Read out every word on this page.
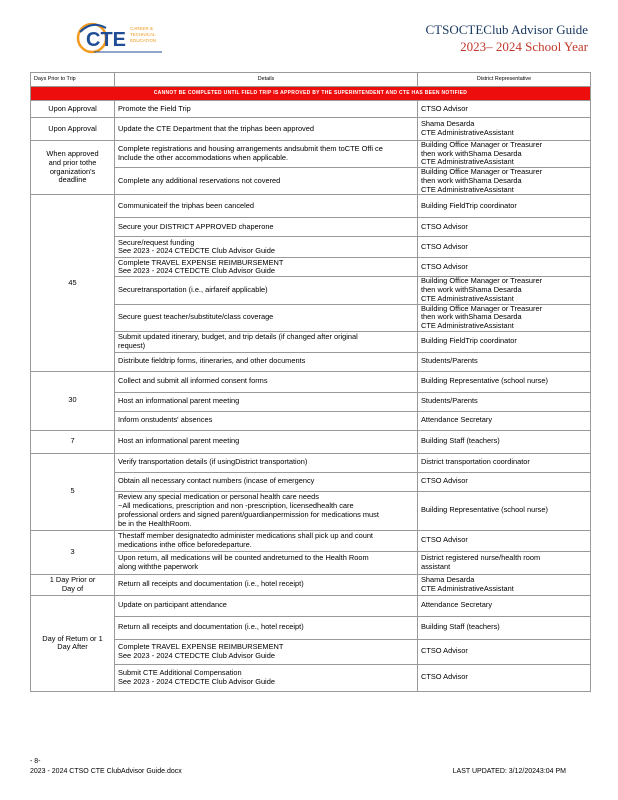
CTE
CAREER &
TECHNICAL
EDUCATION
CTSOCTEClub Advisor Guide
2023– 2024 School Year
Days Prior to Trip	Details	District Representative
CANNOT BE COMPLETED UNTIL FIELD TRIP IS APPROVED BY THE SUPERINTENDENT AND CTE HAS BEEN NOTIFIED		
Upon Approval	Promote the Field Trip	CTSO Advisor
Upon Approval	Update the CTE Department that the triphas been approved	Shama Desarda
CTE AdministrativeAssistant
When approved
and prior tothe
organization's
deadline	Complete registrations and housing arrangements andsubmit them toCTE Offi ce
Include the other accommodations when applicable.	Building Office Manager or Treasurer
then work withShama Desarda
CTE AdministrativeAssistant
	Complete any additional reservations not covered	Building Office Manager or Treasurer
then work withShama Desarda
CTE AdministrativeAssistant
45	Communicateif the triphas been canceled	Building FieldTrip coordinator
	Secure your DISTRICT APPROVED chaperone	CTSO Advisor
	Secure/request funding
See 2023 - 2024 CTEDCTE Club Advisor Guide	CTSO Advisor
	Complete TRAVEL EXPENSE REIMBURSEMENT
See 2023 - 2024 CTEDCTE Club Advisor Guide	CTSO Advisor
	Securetransportation (i.e., airfareif applicable)	Building Office Manager or Treasurer
then work withShama Desarda
CTE AdministrativeAssistant
	Secure guest teacher/substitute/class coverage	Building Office Manager or Treasurer
then work withShama Desarda
CTE AdministrativeAssistant
	Submit updated itinerary, budget, and trip details (if changed after original
request)	Building FieldTrip coordinator
	Distribute fieldtrip forms, itineraries, and other documents	Students/Parents
30	Collect and submit all informed consent forms	Building Representative (school nurse)
	Host an informational parent meeting	Students/Parents
	Inform onstudents' absences	Attendance Secretary
7	Host an informational parent meeting	Building Staff (teachers)
5	Verify transportation details (if usingDistrict transportation)	District transportation coordinator
	Obtain all necessary contact numbers (incase of emergency	CTSO Advisor
	Review any special medication or personal health care needs
~All medications, prescription and non -prescription, licensedhealth care
professional orders and signed parent/guardianpermission for medications must
be in the HealthRoom.	Building Representative (school nurse)
3	Thestaff member designatedto administer medications shall pick up and count
medications inthe office beforedeparture.	CTSO Advisor
	Upon return, all medications will be counted andreturned to the Health Room
along withthe paperwork	District registered nurse/health room
assistant
1 Day Prior or
Day of	Return all receipts and documentation (i.e., hotel receipt)	Shama Desarda
CTE AdministrativeAssistant
Day of Return or 1
Day After	Update on participant attendance	Attendance Secretary
	Return all receipts and documentation (i.e., hotel receipt)	Building Staff (teachers)
	Complete TRAVEL EXPENSE REIMBURSEMENT
See 2023 - 2024 CTEDCTE Club Advisor Guide	CTSO Advisor
	Submit CTE Additional Compensation
See 2023 - 2024 CTEDCTE Club Advisor Guide	CTSO Advisor
- 8-
2023 - 2024 CTSO CTE ClubAdvisor Guide.docx	LAST UPDATED: 3/12/20243:04 PM
